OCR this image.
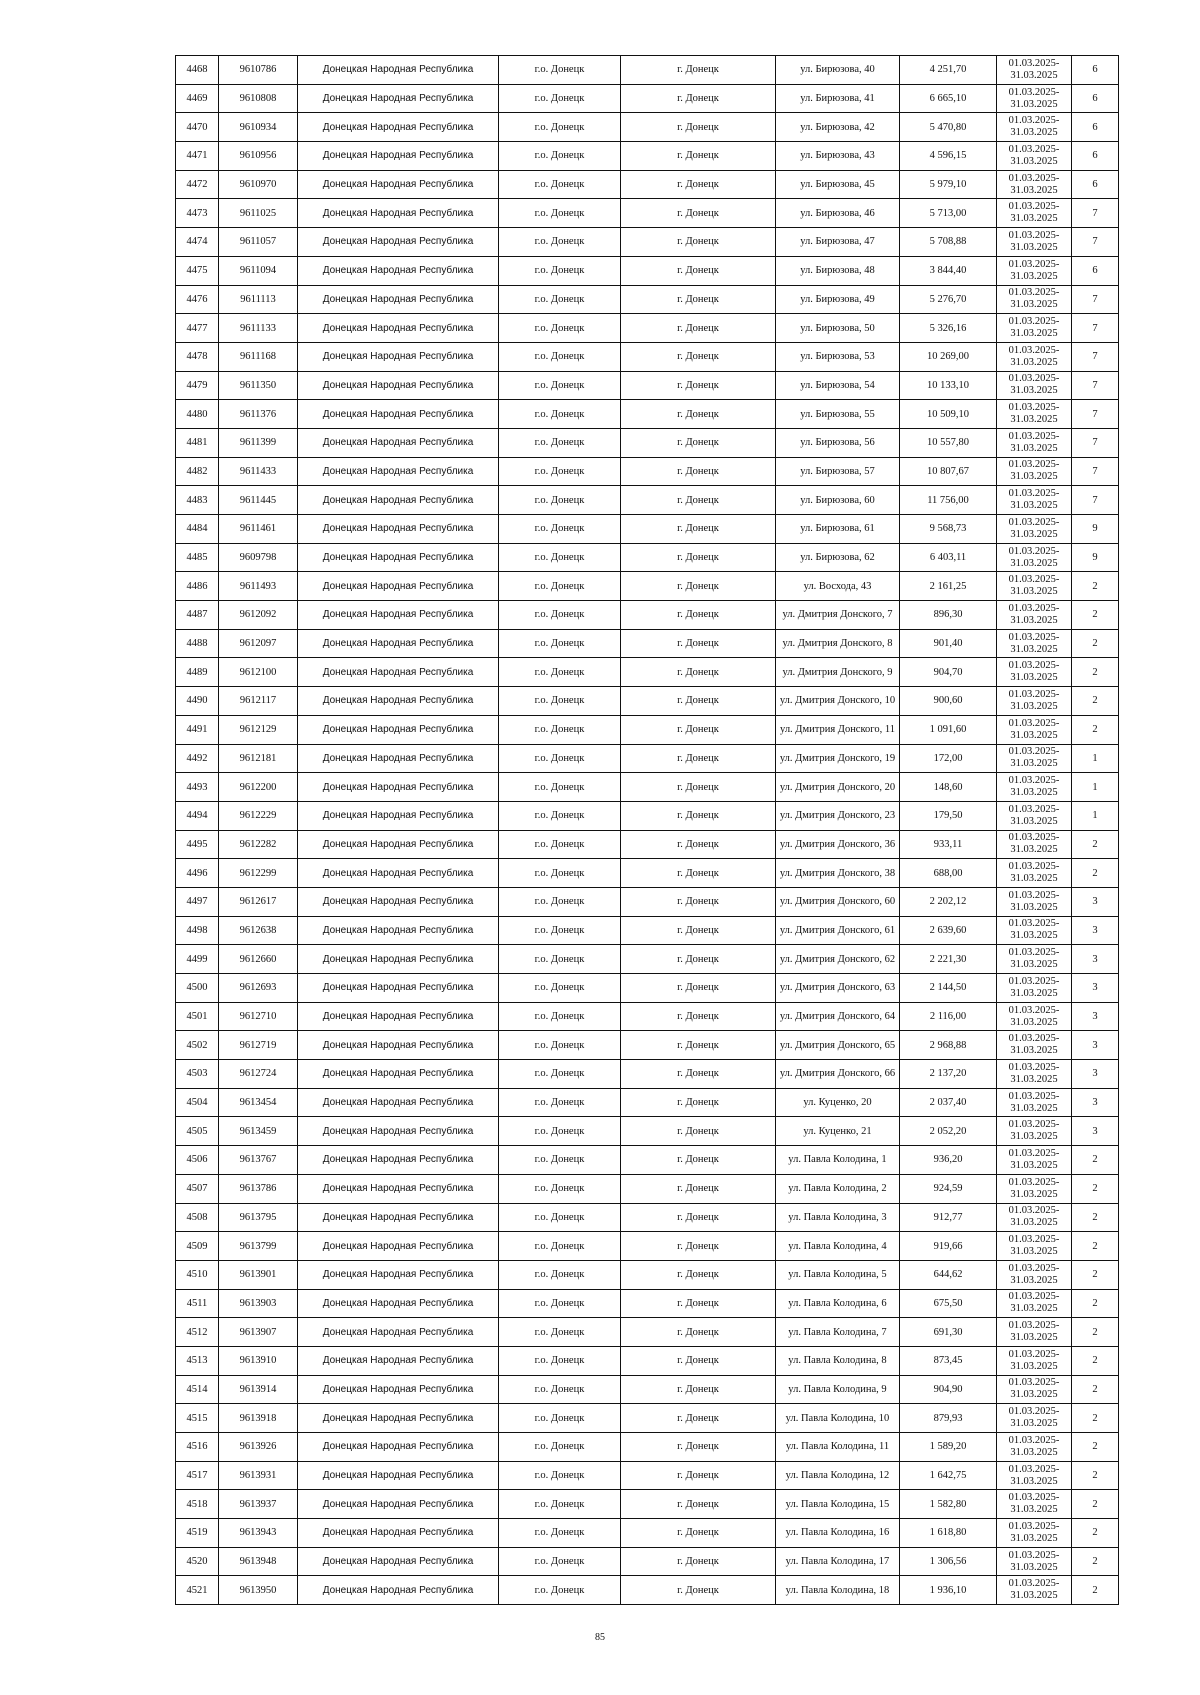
4468	9610786	Донецкая Народная Республика	г.о. Донецк	г. Донецк	ул. Бирюзова, 40	4 251,70	01.03.2025-
31.03.2025	6
4469	9610808	Донецкая Народная Республика	г.о. Донецк	г. Донецк	ул. Бирюзова, 41	6 665,10	01.03.2025-
31.03.2025	6
4470	9610934	Донецкая Народная Республика	г.о. Донецк	г. Донецк	ул. Бирюзова, 42	5 470,80	01.03.2025-
31.03.2025	6
4471	9610956	Донецкая Народная Республика	г.о. Донецк	г. Донецк	ул. Бирюзова, 43	4 596,15	01.03.2025-
31.03.2025	6
4472	9610970	Донецкая Народная Республика	г.о. Донецк	г. Донецк	ул. Бирюзова, 45	5 979,10	01.03.2025-
31.03.2025	6
4473	9611025	Донецкая Народная Республика	г.о. Донецк	г. Донецк	ул. Бирюзова, 46	5 713,00	01.03.2025-
31.03.2025	7
4474	9611057	Донецкая Народная Республика	г.о. Донецк	г. Донецк	ул. Бирюзова, 47	5 708,88	01.03.2025-
31.03.2025	7
4475	9611094	Донецкая Народная Республика	г.о. Донецк	г. Донецк	ул. Бирюзова, 48	3 844,40	01.03.2025-
31.03.2025	6
4476	9611113	Донецкая Народная Республика	г.о. Донецк	г. Донецк	ул. Бирюзова, 49	5 276,70	01.03.2025-
31.03.2025	7
4477	9611133	Донецкая Народная Республика	г.о. Донецк	г. Донецк	ул. Бирюзова, 50	5 326,16	01.03.2025-
31.03.2025	7
4478	9611168	Донецкая Народная Республика	г.о. Донецк	г. Донецк	ул. Бирюзова, 53	10 269,00	01.03.2025-
31.03.2025	7
4479	9611350	Донецкая Народная Республика	г.о. Донецк	г. Донецк	ул. Бирюзова, 54	10 133,10	01.03.2025-
31.03.2025	7
4480	9611376	Донецкая Народная Республика	г.о. Донецк	г. Донецк	ул. Бирюзова, 55	10 509,10	01.03.2025-
31.03.2025	7
4481	9611399	Донецкая Народная Республика	г.о. Донецк	г. Донецк	ул. Бирюзова, 56	10 557,80	01.03.2025-
31.03.2025	7
4482	9611433	Донецкая Народная Республика	г.о. Донецк	г. Донецк	ул. Бирюзова, 57	10 807,67	01.03.2025-
31.03.2025	7
4483	9611445	Донецкая Народная Республика	г.о. Донецк	г. Донецк	ул. Бирюзова, 60	11 756,00	01.03.2025-
31.03.2025	7
4484	9611461	Донецкая Народная Республика	г.о. Донецк	г. Донецк	ул. Бирюзова, 61	9 568,73	01.03.2025-
31.03.2025	9
4485	9609798	Донецкая Народная Республика	г.о. Донецк	г. Донецк	ул. Бирюзова, 62	6 403,11	01.03.2025-
31.03.2025	9
4486	9611493	Донецкая Народная Республика	г.о. Донецк	г. Донецк	ул. Восхода, 43	2 161,25	01.03.2025-
31.03.2025	2
4487	9612092	Донецкая Народная Республика	г.о. Донецк	г. Донецк	ул. Дмитрия Донского, 7	896,30	01.03.2025-
31.03.2025	2
4488	9612097	Донецкая Народная Республика	г.о. Донецк	г. Донецк	ул. Дмитрия Донского, 8	901,40	01.03.2025-
31.03.2025	2
4489	9612100	Донецкая Народная Республика	г.о. Донецк	г. Донецк	ул. Дмитрия Донского, 9	904,70	01.03.2025-
31.03.2025	2
4490	9612117	Донецкая Народная Республика	г.о. Донецк	г. Донецк	ул. Дмитрия Донского, 10	900,60	01.03.2025-
31.03.2025	2
4491	9612129	Донецкая Народная Республика	г.о. Донецк	г. Донецк	ул. Дмитрия Донского, 11	1 091,60	01.03.2025-
31.03.2025	2
4492	9612181	Донецкая Народная Республика	г.о. Донецк	г. Донецк	ул. Дмитрия Донского, 19	172,00	01.03.2025-
31.03.2025	1
4493	9612200	Донецкая Народная Республика	г.о. Донецк	г. Донецк	ул. Дмитрия Донского, 20	148,60	01.03.2025-
31.03.2025	1
4494	9612229	Донецкая Народная Республика	г.о. Донецк	г. Донецк	ул. Дмитрия Донского, 23	179,50	01.03.2025-
31.03.2025	1
4495	9612282	Донецкая Народная Республика	г.о. Донецк	г. Донецк	ул. Дмитрия Донского, 36	933,11	01.03.2025-
31.03.2025	2
4496	9612299	Донецкая Народная Республика	г.о. Донецк	г. Донецк	ул. Дмитрия Донского, 38	688,00	01.03.2025-
31.03.2025	2
4497	9612617	Донецкая Народная Республика	г.о. Донецк	г. Донецк	ул. Дмитрия Донского, 60	2 202,12	01.03.2025-
31.03.2025	3
4498	9612638	Донецкая Народная Республика	г.о. Донецк	г. Донецк	ул. Дмитрия Донского, 61	2 639,60	01.03.2025-
31.03.2025	3
4499	9612660	Донецкая Народная Республика	г.о. Донецк	г. Донецк	ул. Дмитрия Донского, 62	2 221,30	01.03.2025-
31.03.2025	3
4500	9612693	Донецкая Народная Республика	г.о. Донецк	г. Донецк	ул. Дмитрия Донского, 63	2 144,50	01.03.2025-
31.03.2025	3
4501	9612710	Донецкая Народная Республика	г.о. Донецк	г. Донецк	ул. Дмитрия Донского, 64	2 116,00	01.03.2025-
31.03.2025	3
4502	9612719	Донецкая Народная Республика	г.о. Донецк	г. Донецк	ул. Дмитрия Донского, 65	2 968,88	01.03.2025-
31.03.2025	3
4503	9612724	Донецкая Народная Республика	г.о. Донецк	г. Донецк	ул. Дмитрия Донского, 66	2 137,20	01.03.2025-
31.03.2025	3
4504	9613454	Донецкая Народная Республика	г.о. Донецк	г. Донецк	ул. Куценко, 20	2 037,40	01.03.2025-
31.03.2025	3
4505	9613459	Донецкая Народная Республика	г.о. Донецк	г. Донецк	ул. Куценко, 21	2 052,20	01.03.2025-
31.03.2025	3
4506	9613767	Донецкая Народная Республика	г.о. Донецк	г. Донецк	ул. Павла Колодина, 1	936,20	01.03.2025-
31.03.2025	2
4507	9613786	Донецкая Народная Республика	г.о. Донецк	г. Донецк	ул. Павла Колодина, 2	924,59	01.03.2025-
31.03.2025	2
4508	9613795	Донецкая Народная Республика	г.о. Донецк	г. Донецк	ул. Павла Колодина, 3	912,77	01.03.2025-
31.03.2025	2
4509	9613799	Донецкая Народная Республика	г.о. Донецк	г. Донецк	ул. Павла Колодина, 4	919,66	01.03.2025-
31.03.2025	2
4510	9613901	Донецкая Народная Республика	г.о. Донецк	г. Донецк	ул. Павла Колодина, 5	644,62	01.03.2025-
31.03.2025	2
4511	9613903	Донецкая Народная Республика	г.о. Донецк	г. Донецк	ул. Павла Колодина, 6	675,50	01.03.2025-
31.03.2025	2
4512	9613907	Донецкая Народная Республика	г.о. Донецк	г. Донецк	ул. Павла Колодина, 7	691,30	01.03.2025-
31.03.2025	2
4513	9613910	Донецкая Народная Республика	г.о. Донецк	г. Донецк	ул. Павла Колодина, 8	873,45	01.03.2025-
31.03.2025	2
4514	9613914	Донецкая Народная Республика	г.о. Донецк	г. Донецк	ул. Павла Колодина, 9	904,90	01.03.2025-
31.03.2025	2
4515	9613918	Донецкая Народная Республика	г.о. Донецк	г. Донецк	ул. Павла Колодина, 10	879,93	01.03.2025-
31.03.2025	2
4516	9613926	Донецкая Народная Республика	г.о. Донецк	г. Донецк	ул. Павла Колодина, 11	1 589,20	01.03.2025-
31.03.2025	2
4517	9613931	Донецкая Народная Республика	г.о. Донецк	г. Донецк	ул. Павла Колодина, 12	1 642,75	01.03.2025-
31.03.2025	2
4518	9613937	Донецкая Народная Республика	г.о. Донецк	г. Донецк	ул. Павла Колодина, 15	1 582,80	01.03.2025-
31.03.2025	2
4519	9613943	Донецкая Народная Республика	г.о. Донецк	г. Донецк	ул. Павла Колодина, 16	1 618,80	01.03.2025-
31.03.2025	2
4520	9613948	Донецкая Народная Республика	г.о. Донецк	г. Донецк	ул. Павла Колодина, 17	1 306,56	01.03.2025-
31.03.2025	2
4521	9613950	Донецкая Народная Республика	г.о. Донецк	г. Донецк	ул. Павла Колодина, 18	1 936,10	01.03.2025-
31.03.2025	2
85
